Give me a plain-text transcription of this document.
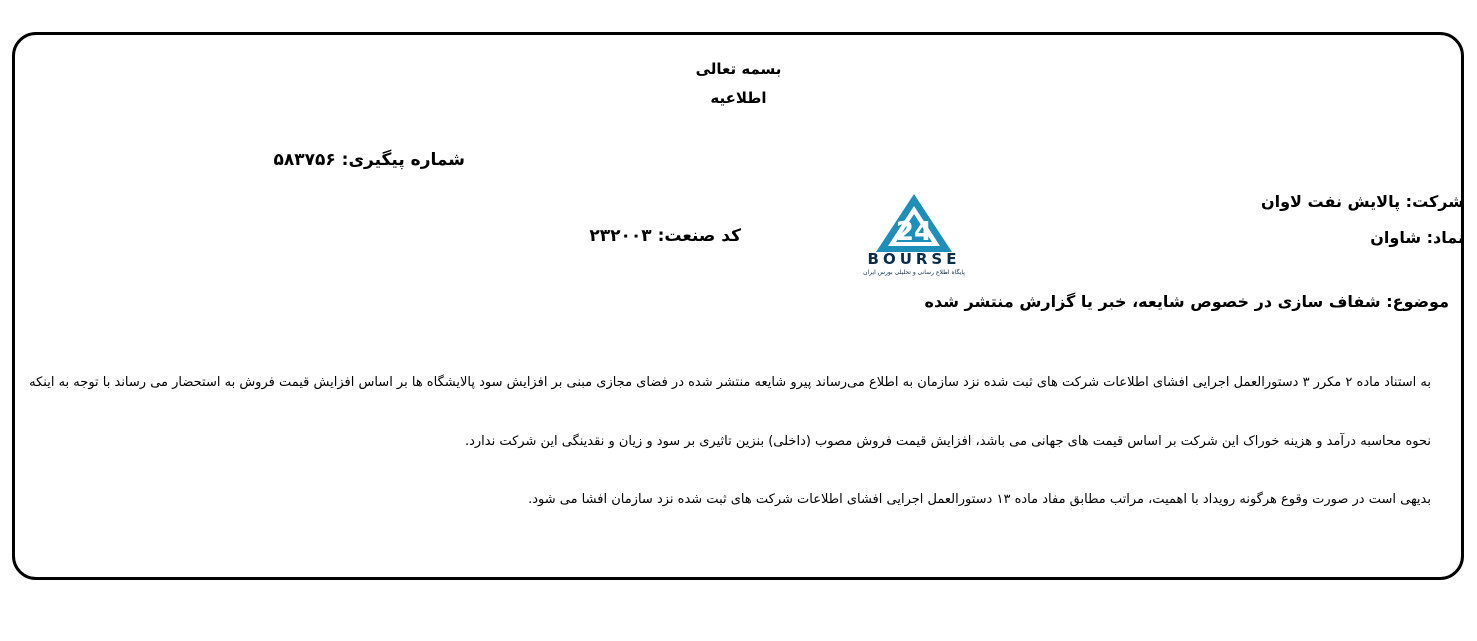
بسمه تعالی
اطلاعیه
شماره پیگیری: ۵۸۳۷۵۶
شرکت: پالایش نفت لاوان
نماد: شاوان
کد صنعت: ۲۳۲۰۰۳	24
BOURSE
پایگاه اطلاع رسانی و تحلیلی بورس ایران
موضوع: شفاف سازی در خصوص شایعه، خبر یا گزارش منتشر شده
به استناد ماده ۲ مکرر ۳ دستورالعمل اجرایی افشای اطلاعات شرکت های ثبت شده نزد سازمان به اطلاع می‌رساند پیرو شایعه منتشر شده در فضای مجازی مبنی بر افزایش سود پالایشگاه ها بر اساس افزایش قیمت فروش به استحضار می رساند با توجه به اینکه
نحوه محاسبه درآمد و هزینه خوراک این شرکت بر اساس قیمت های جهانی می باشد، افزایش قیمت فروش مصوب (داخلی) بنزین تاثیری بر سود و زیان و نقدینگی این شرکت ندارد.
بدیهی است در صورت وقوع هرگونه رویداد با اهمیت، مراتب مطابق مفاد ماده ۱۳ دستورالعمل اجرایی افشای اطلاعات شرکت های ثبت شده نزد سازمان افشا می شود.
